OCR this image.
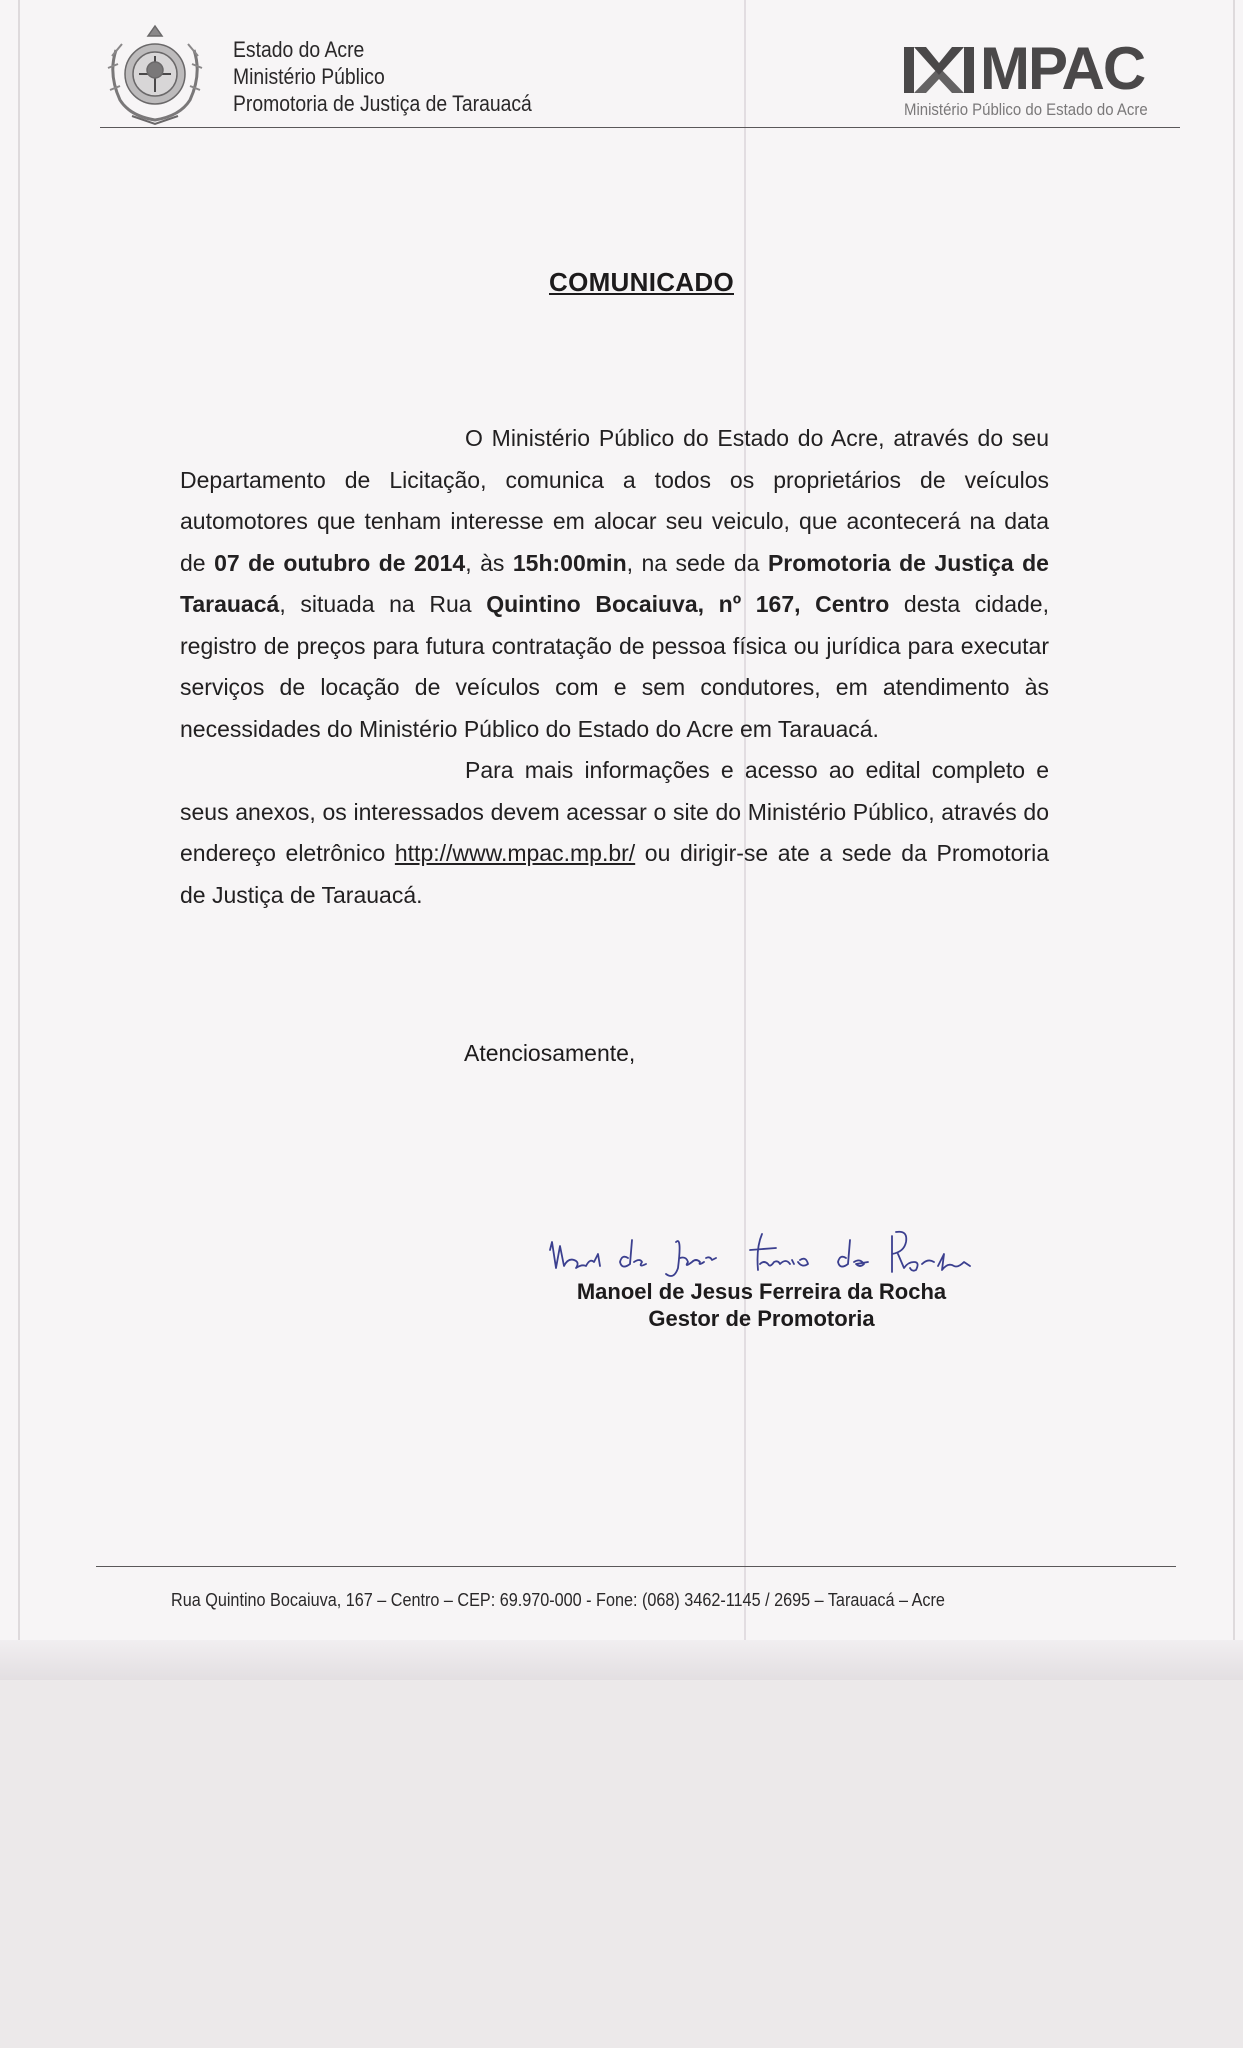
Estado do Acre
Ministério Público
Promotoria de Justiça de Tarauacá
MPAC
Ministério Público do Estado do Acre
COMUNICADO

O Ministério Público do Estado do Acre, através do seu Departamento de Licitação, comunica a todos os proprietários de veículos automotores que tenham interesse em alocar seu veiculo, que acontecerá na data de 07 de outubro de 2014, às 15h:00min, na sede da Promotoria de Justiça de Tarauacá, situada na Rua Quintino Bocaiuva, nº 167, Centro desta cidade, registro de preços para futura contratação de pessoa física ou jurídica para executar serviços de locação de veículos com e sem condutores, em atendimento às necessidades do Ministério Público do Estado do Acre em Tarauacá.

Para mais informações e acesso ao edital completo e seus anexos, os interessados devem acessar o site do Ministério Público, através do endereço eletrônico http://www.mpac.mp.br/ ou dirigir-se ate a sede da Promotoria de Justiça de Tarauacá.

Atenciosamente,
Manoel de Jesus Ferreira da Rocha
Gestor de Promotoria
Rua Quintino Bocaiuva, 167 – Centro – CEP: 69.970-000 - Fone: (068) 3462-1145 / 2695 – Tarauacá – Acre
